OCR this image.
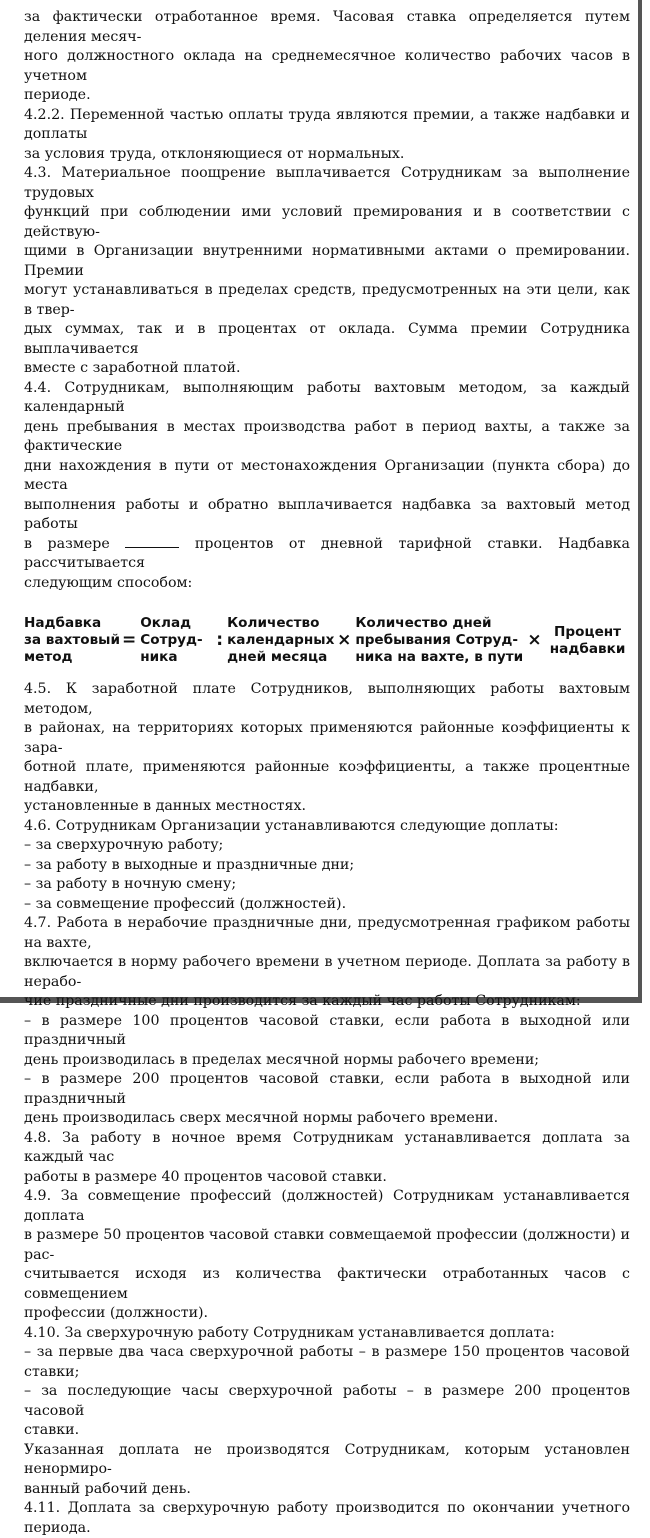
за фактически отработанное время. Часовая ставка определяется путем деления месяч-

ного должностного оклада на среднемесячное количество рабочих часов в учетном

периоде.

4.2.2. Переменной частью оплаты труда являются премии, а также надбавки и доплаты

за условия труда, отклоняющиеся от нормальных.

4.3. Материальное поощрение выплачивается Сотрудникам за выполнение трудовых

функций при соблюдении ими условий премирования и в соответствии с действую-

щими в Организации внутренними нормативными актами о премировании. Премии

могут устанавливаться в пределах средств, предусмотренных на эти цели, как в твер-

дых суммах, так и в процентах от оклада. Сумма премии Сотрудника выплачивается

вместе с заработной платой.

4.4. Сотрудникам, выполняющим работы вахтовым методом, за каждый календарный

день пребывания в местах производства работ в период вахты, а также за фактические

дни нахождения в пути от местонахождения Организации (пункта сбора) до места

выполнения работы и обратно выплачивается надбавка за вахтовый метод работы

в размере	процентов от дневной тарифной ставки. Надбавка рассчитывается

следующим способом:

Надбавка
за вахтовый
метод
=
Оклад
Сотруд-
ника
:
Количество
календарных
дней месяца
×
Количество дней
пребывания Сотруд-
ника на вахте, в пути
× Процент
надбавки

4.5. К заработной плате Сотрудников, выполняющих работы вахтовым методом,

в районах, на территориях которых применяются районные коэффициенты к зара-

ботной плате, применяются районные коэффициенты, а также процентные надбавки,

установленные в данных местностях.

4.6. Сотрудникам Организации устанавливаются следующие доплаты:

– за сверхурочную работу;

– за работу в выходные и праздничные дни;

– за работу в ночную смену;

– за совмещение профессий (должностей).

4.7. Работа в нерабочие праздничные дни, предусмотренная графиком работы на вахте,

включается в норму рабочего времени в учетном периоде. Доплата за работу в нерабо-

чие праздничные дни производится за каждый час работы Сотрудникам:

– в размере 100 процентов часовой ставки, если работа в выходной или праздничный

день производилась в пределах месячной нормы рабочего времени;

– в размере 200 процентов часовой ставки, если работа в выходной или праздничный

день производилась сверх месячной нормы рабочего времени.

4.8. За работу в ночное время Сотрудникам устанавливается доплата за каждый час

работы в размере 40 процентов часовой ставки.

4.9. За совмещение профессий (должностей) Сотрудникам устанавливается доплата

в размере 50 процентов часовой ставки совмещаемой профессии (должности) и рас-

считывается исходя из количества фактически отработанных часов с совмещением

профессии (должности).

4.10. За сверхурочную работу Сотрудникам устанавливается доплата:

– за первые два часа сверхурочной работы – в размере 150 процентов часовой ставки;

– за последующие часы сверхурочной работы – в размере 200 процентов часовой

ставки.

Указанная доплата не производятся Сотрудникам, которым установлен ненормиро-

ванный рабочий день.

4.11. Доплата за сверхурочную работу производится по окончании учетного периода.
